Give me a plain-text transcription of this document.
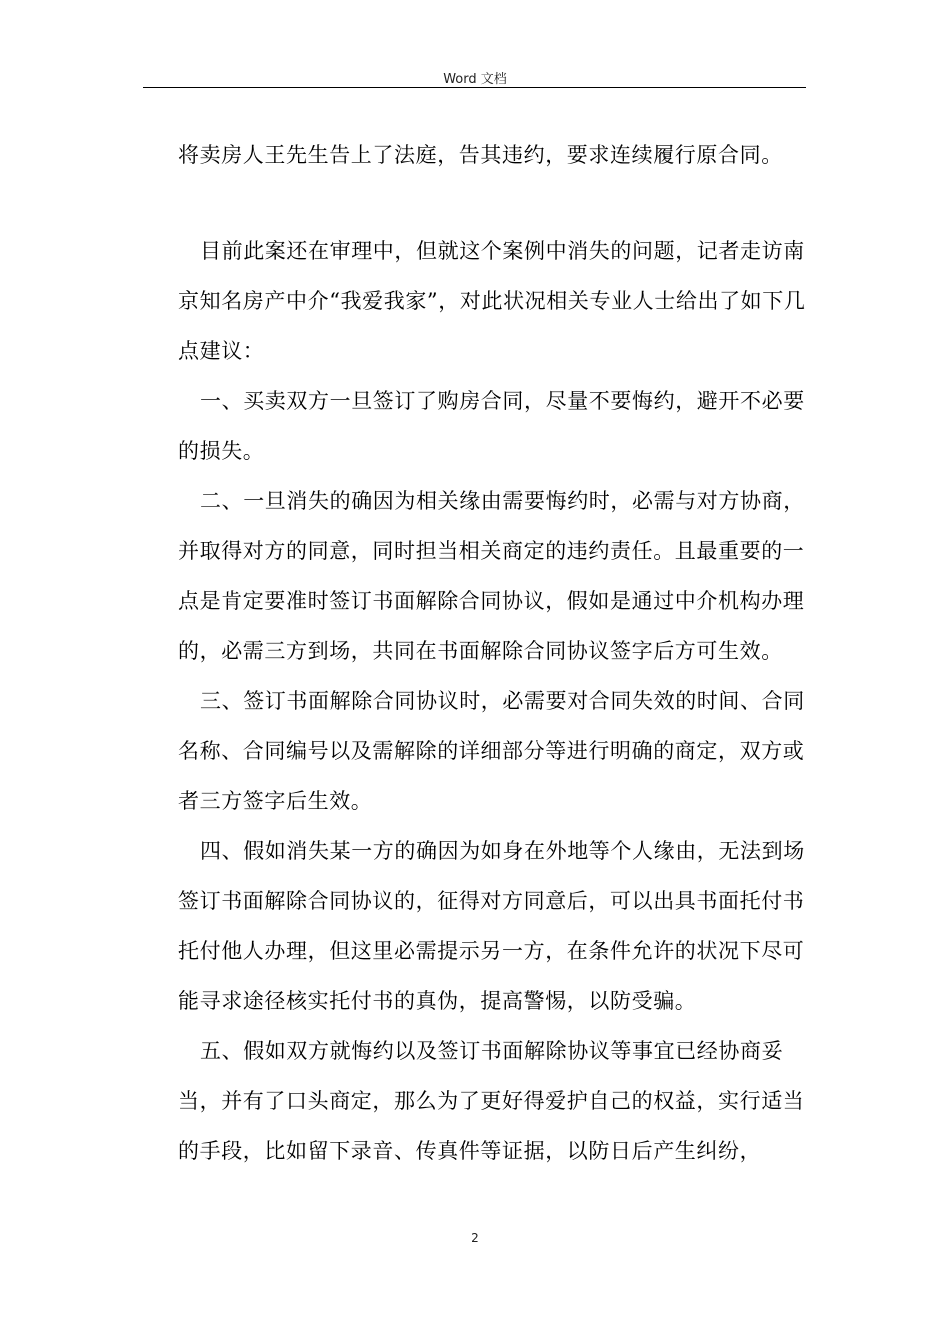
Word 文档

将卖房人王先生告上了法庭，告其违约，要求连续履行原合同。

目前此案还在审理中，但就这个案例中消失的问题，记者走访南京知名房产中介“我爱我家”，对此状况相关专业人士给出了如下几点建议：

一、买卖双方一旦签订了购房合同，尽量不要悔约，避开不必要的损失。

二、一旦消失的确因为相关缘由需要悔约时，必需与对方协商，并取得对方的同意，同时担当相关商定的违约责任。且最重要的一点是肯定要准时签订书面解除合同协议，假如是通过中介机构办理的，必需三方到场，共同在书面解除合同协议签字后方可生效。

三、签订书面解除合同协议时，必需要对合同失效的时间、合同名称、合同编号以及需解除的详细部分等进行明确的商定，双方或者三方签字后生效。

四、假如消失某一方的确因为如身在外地等个人缘由，无法到场签订书面解除合同协议的，征得对方同意后，可以出具书面托付书托付他人办理，但这里必需提示另一方，在条件允许的状况下尽可能寻求途径核实托付书的真伪，提高警惕，以防受骗。

五、假如双方就悔约以及签订书面解除协议等事宜已经协商妥当，并有了口头商定，那么为了更好得爱护自己的权益，实行适当的手段，比如留下录音、传真件等证据，以防日后产生纠纷，

2
